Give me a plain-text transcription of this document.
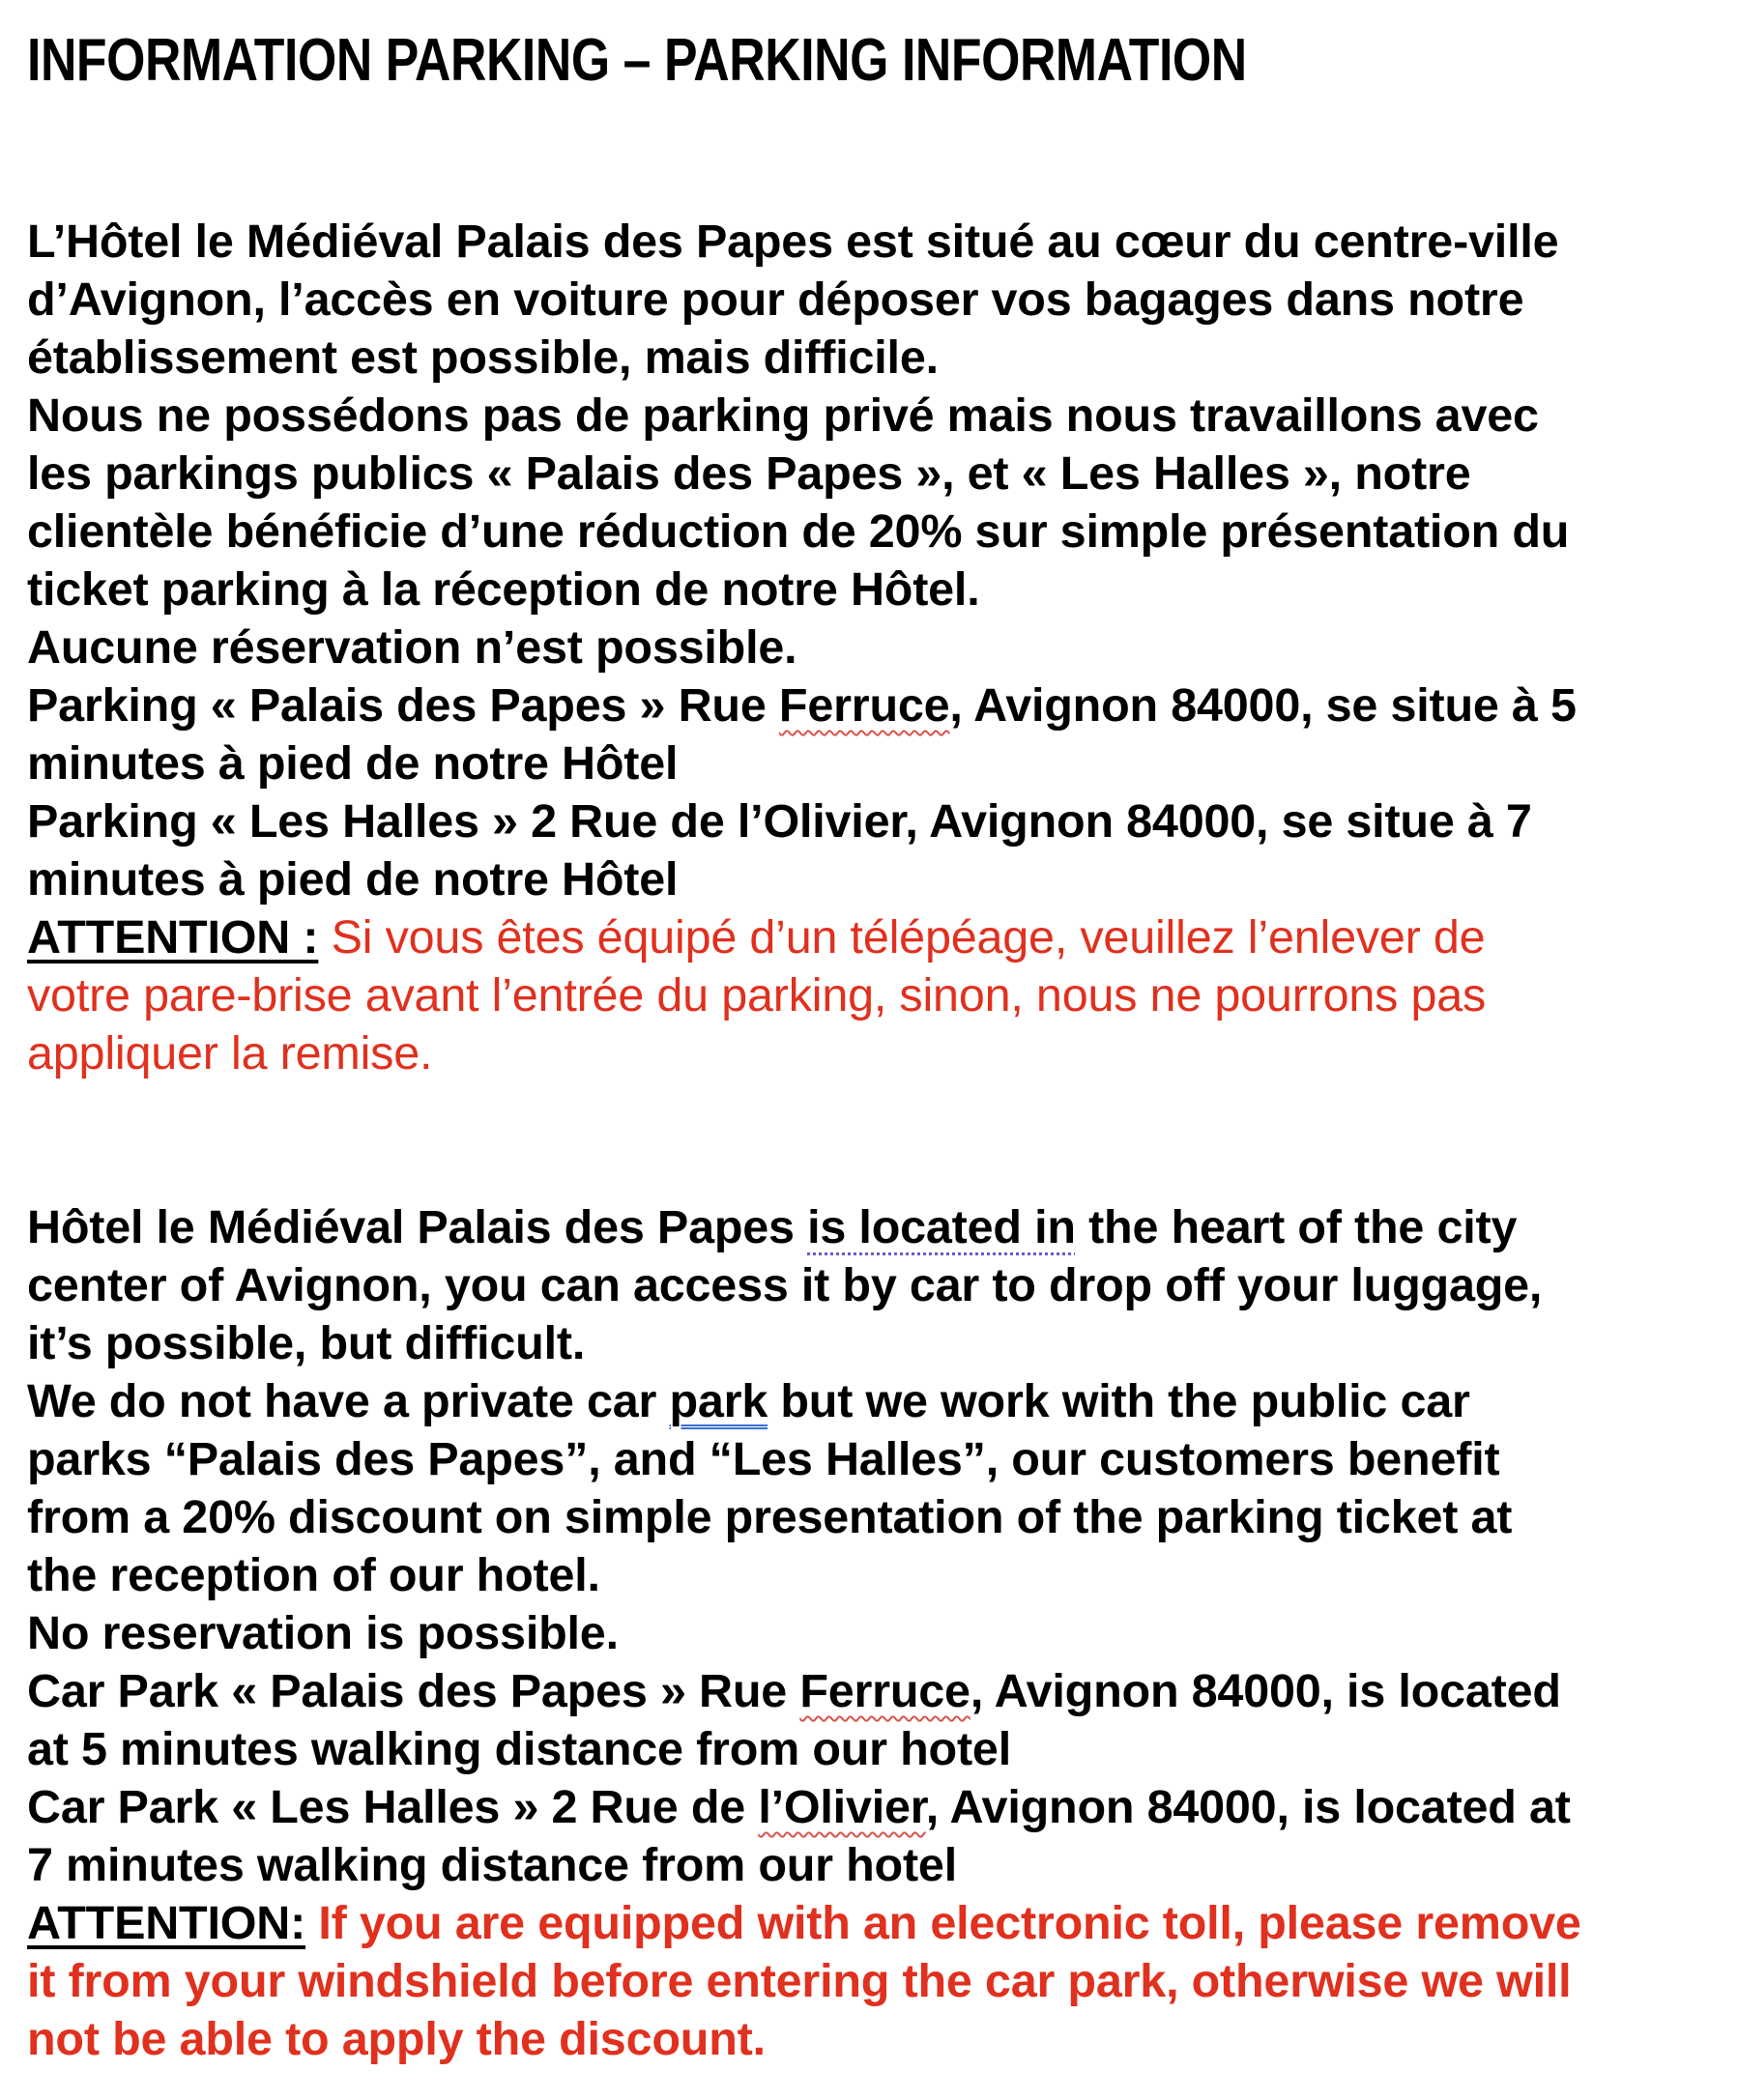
INFORMATION PARKING – PARKING INFORMATION
L’Hôtel le Médiéval Palais des Papes est situé au cœur du centre-ville
d’Avignon, l’accès en voiture pour déposer vos bagages dans notre
établissement est possible, mais difficile.
Nous ne possédons pas de parking privé mais nous travaillons avec
les parkings publics « Palais des Papes », et « Les Halles », notre
clientèle bénéficie d’une réduction de 20% sur simple présentation du
ticket parking à la réception de notre Hôtel.
Aucune réservation n’est possible.
Parking « Palais des Papes » Rue Ferruce, Avignon 84000, se situe à 5
minutes à pied de notre Hôtel
Parking « Les Halles » 2 Rue de l’Olivier, Avignon 84000, se situe à 7
minutes à pied de notre Hôtel
ATTENTION : Si vous êtes équipé d’un télépéage, veuillez l’enlever de
votre pare-brise avant l’entrée du parking, sinon, nous ne pourrons pas
appliquer la remise.
Hôtel le Médiéval Palais des Papes is located in the heart of the city
center of Avignon, you can access it by car to drop off your luggage,
it’s possible, but difficult.
We do not have a private car park but we work with the public car
parks “Palais des Papes”, and “Les Halles”, our customers benefit
from a 20% discount on simple presentation of the parking ticket at
the reception of our hotel.
No reservation is possible.
Car Park « Palais des Papes » Rue Ferruce, Avignon 84000, is located
at 5 minutes walking distance from our hotel
Car Park « Les Halles » 2 Rue de l’Olivier, Avignon 84000, is located at
7 minutes walking distance from our hotel
ATTENTION: If you are equipped with an electronic toll, please remove
it from your windshield before entering the car park, otherwise we will
not be able to apply the discount.
